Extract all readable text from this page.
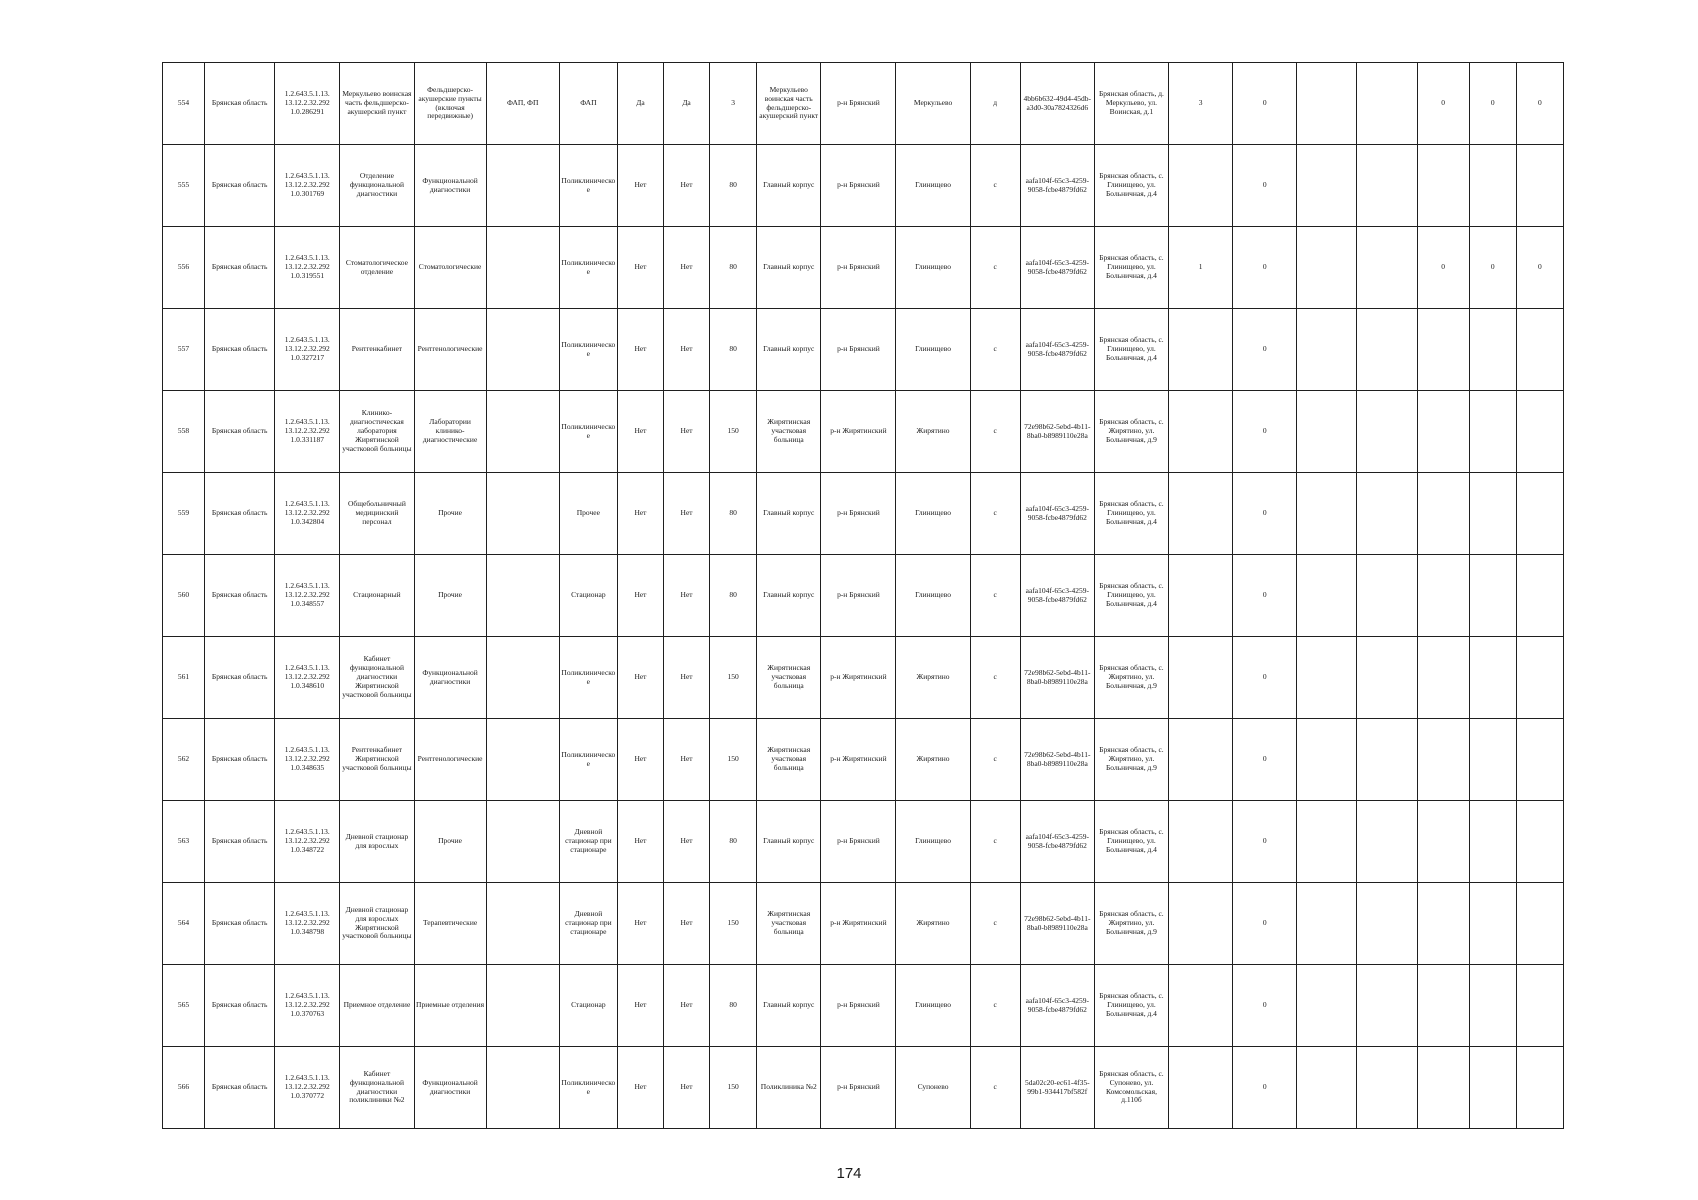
554	Брянская область	1.2.643.5.1.13. 13.12.2.32.292 1.0.286291	Меркульево воинская часть фельдшерско-акушерский пункт	Фельдшерско-акушерские пункты (включая передвижные)	ФАП, ФП	ФАП	Да	Да	3	Меркульево воинская часть фельдшерско-акушерский пункт	р-н Брянский	Меркульево	д	4bb6b632-49d4-45db-a3d0-30a7824326d6	Брянская область, д. Меркульево, ул. Воинская, д.1	3	0			0	0	0
555	Брянская область	1.2.643.5.1.13. 13.12.2.32.292 1.0.301769	Отделение функциональной диагностики	Функциональной диагностики		Поликлиническое	Нет	Нет	80	Главный корпус	р-н Брянский	Глинищево	с	aafa104f-65c3-4259-9058-fcbe4879fd62	Брянская область, с. Глинищево, ул. Больничная, д.4		0					
556	Брянская область	1.2.643.5.1.13. 13.12.2.32.292 1.0.319551	Стоматологическое отделение	Стоматологические		Поликлиническое	Нет	Нет	80	Главный корпус	р-н Брянский	Глинищево	с	aafa104f-65c3-4259-9058-fcbe4879fd62	Брянская область, с. Глинищево, ул. Больничная, д.4	1	0			0	0	0
557	Брянская область	1.2.643.5.1.13. 13.12.2.32.292 1.0.327217	Рентгенкабинет	Рентгенологические		Поликлиническое	Нет	Нет	80	Главный корпус	р-н Брянский	Глинищево	с	aafa104f-65c3-4259-9058-fcbe4879fd62	Брянская область, с. Глинищево, ул. Больничная, д.4		0					
558	Брянская область	1.2.643.5.1.13. 13.12.2.32.292 1.0.331187	Клинико-диагностическая лаборатория Жирятинской участковой больницы	Лаборатории клинико-диагностические		Поликлиническое	Нет	Нет	150	Жирятинская участковая больница	р-н Жирятинский	Жирятино	с	72e98b62-5ebd-4b11-8ba0-b8989110e28a	Брянская область, с. Жирятино, ул. Больничная, д.9		0					
559	Брянская область	1.2.643.5.1.13. 13.12.2.32.292 1.0.342804	Общебольничный медицинский персонал	Прочие		Прочее	Нет	Нет	80	Главный корпус	р-н Брянский	Глинищево	с	aafa104f-65c3-4259-9058-fcbe4879fd62	Брянская область, с. Глинищево, ул. Больничная, д.4		0					
560	Брянская область	1.2.643.5.1.13. 13.12.2.32.292 1.0.348557	Стационарный	Прочие		Стационар	Нет	Нет	80	Главный корпус	р-н Брянский	Глинищево	с	aafa104f-65c3-4259-9058-fcbe4879fd62	Брянская область, с. Глинищево, ул. Больничная, д.4		0					
561	Брянская область	1.2.643.5.1.13. 13.12.2.32.292 1.0.348610	Кабинет функциональной диагностики Жирятинской участковой больницы	Функциональной диагностики		Поликлиническое	Нет	Нет	150	Жирятинская участковая больница	р-н Жирятинский	Жирятино	с	72e98b62-5ebd-4b11-8ba0-b8989110e28a	Брянская область, с. Жирятино, ул. Больничная, д.9		0					
562	Брянская область	1.2.643.5.1.13. 13.12.2.32.292 1.0.348635	Рентгенкабинет Жирятинской участковой больницы	Рентгенологические		Поликлиническое	Нет	Нет	150	Жирятинская участковая больница	р-н Жирятинский	Жирятино	с	72e98b62-5ebd-4b11-8ba0-b8989110e28a	Брянская область, с. Жирятино, ул. Больничная, д.9		0					
563	Брянская область	1.2.643.5.1.13. 13.12.2.32.292 1.0.348722	Дневной стационар для взрослых	Прочие		Дневной стационар при стационаре	Нет	Нет	80	Главный корпус	р-н Брянский	Глинищево	с	aafa104f-65c3-4259-9058-fcbe4879fd62	Брянская область, с. Глинищево, ул. Больничная, д.4		0					
564	Брянская область	1.2.643.5.1.13. 13.12.2.32.292 1.0.348798	Дневной стационар для взрослых Жирятинской участковой больницы	Терапевтические		Дневной стационар при стационаре	Нет	Нет	150	Жирятинская участковая больница	р-н Жирятинский	Жирятино	с	72e98b62-5ebd-4b11-8ba0-b8989110e28a	Брянская область, с. Жирятино, ул. Больничная, д.9		0					
565	Брянская область	1.2.643.5.1.13. 13.12.2.32.292 1.0.370763	Приемное отделение	Приемные отделения		Стационар	Нет	Нет	80	Главный корпус	р-н Брянский	Глинищево	с	aafa104f-65c3-4259-9058-fcbe4879fd62	Брянская область, с. Глинищево, ул. Больничная, д.4		0					
566	Брянская область	1.2.643.5.1.13. 13.12.2.32.292 1.0.370772	Кабинет функциональной диагностики поликлиники №2	Функциональной диагностики		Поликлиническое	Нет	Нет	150	Поликлиника №2	р-н Брянский	Супонево	с	5da02c20-ec61-4f35-99b1-934417bf582f	Брянская область, с. Супонево, ул. Комсомольская, д.110б		0					
174
